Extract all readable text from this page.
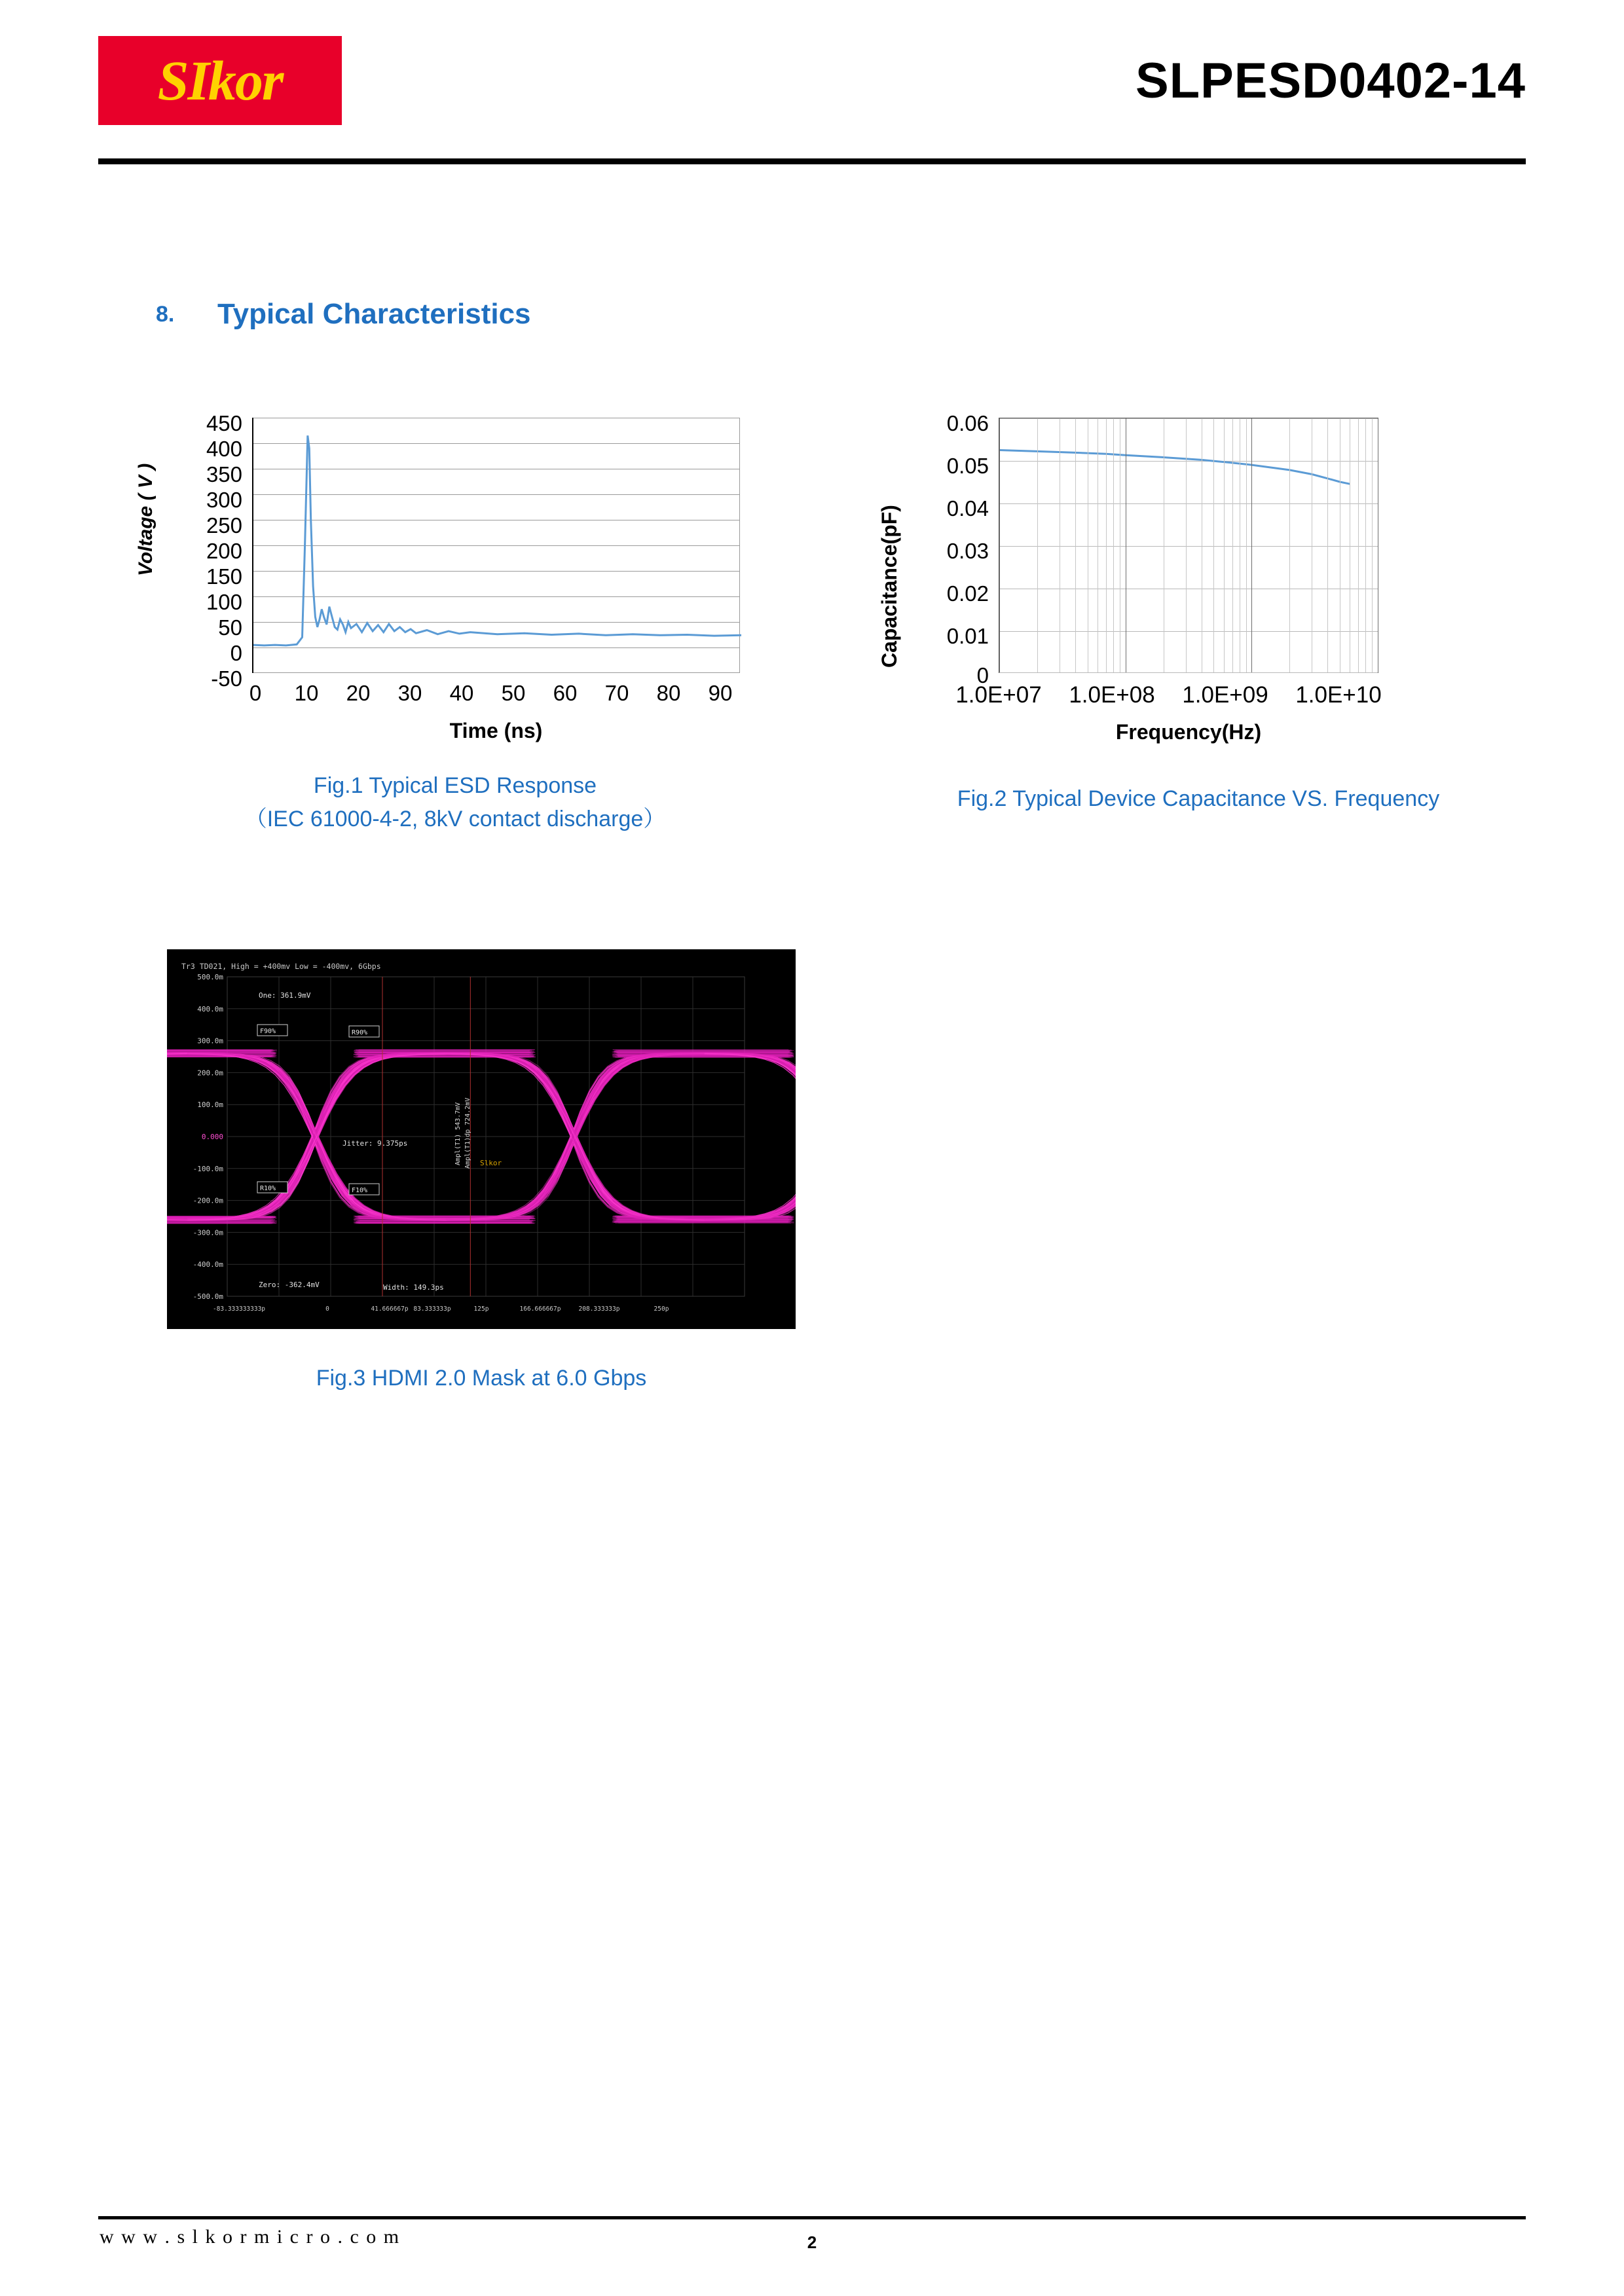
SIkor	SLPESD0402-14
8. Typical Characteristics
Voltage ( V )
450
400
350
300
250
200
150
100
50
0
-50
0	10	20	30	40	50	60	70	80	90
Time (ns)
Fig.1 Typical ESD Response
（IEC 61000-4-2, 8kV contact discharge）
Capacitance(pF)
0.06
0.05
0.04
0.03
0.02
0.01
0
1.0E+07	1.0E+08	1.0E+09	1.0E+10
Frequency(Hz)
Fig.2 Typical Device Capacitance VS. Frequency
Tr3 TD021, High = +400mv Low = -400mv, 6Gbps
500.0m
400.0m
300.0m
200.0m
100.0m
0.000
-100.0m
-200.0m
-300.0m
-400.0m
-500.0m
-83.333333333p	0	41.666667p 83.333333p	125p	166.666667p	208.333333p	250p
One: 361.9mV
Zero: -362.4mV
Jitter: 9.375ps
Width: 149.3ps
F90%	R90%
R10%	F10%
Ampl(T1) 543.7mV Ampl(T1)dp 724.2mV Slkor
Fig.3 HDMI 2.0 Mask at 6.0 Gbps
w w w . s l k o r m i c r o . c o m	2
